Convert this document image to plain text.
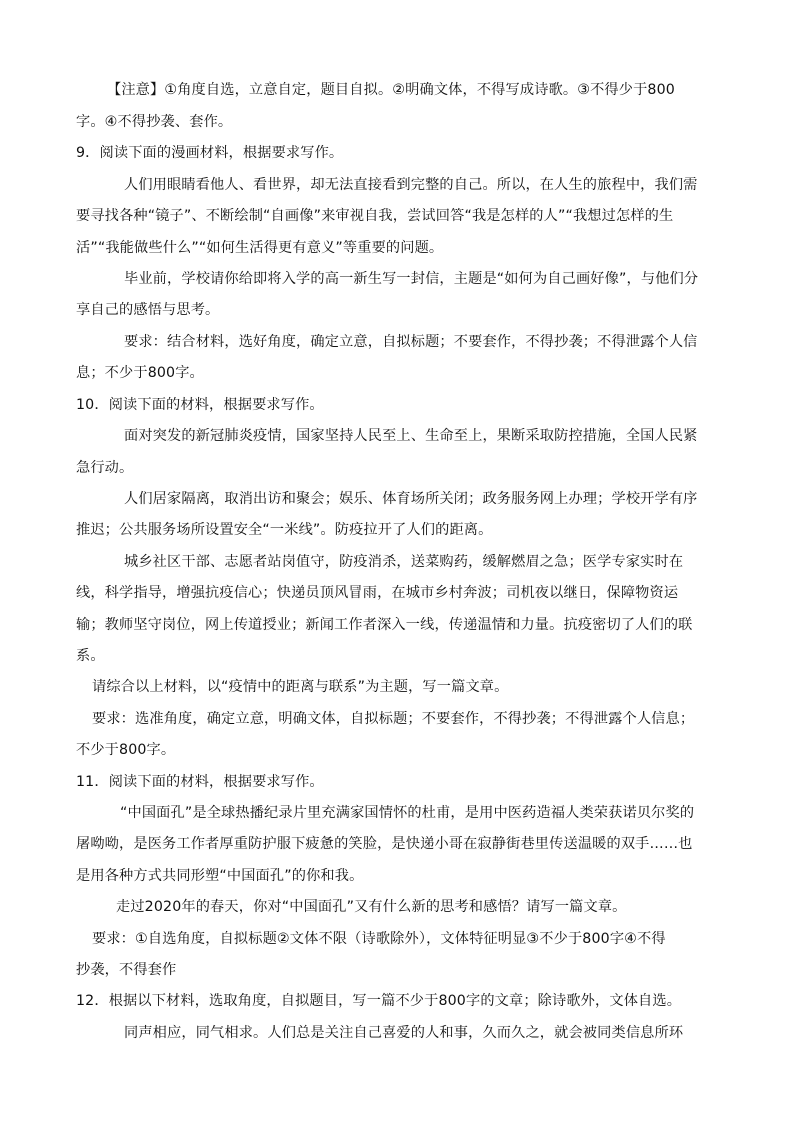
【注意】①角度自选，立意自定，题目自拟。②明确文体，不得写成诗歌。③不得少于800
字。④不得抄袭、套作。
9．阅读下面的漫画材料，根据要求写作。
人们用眼睛看他人、看世界，却无法直接看到完整的自己。所以，在人生的旅程中，我们需
要寻找各种“镜子”、不断绘制“自画像”来审视自我，尝试回答“我是怎样的人”“我想过怎样的生
活”“我能做些什么”“如何生活得更有意义”等重要的问题。
毕业前，学校请你给即将入学的高一新生写一封信，主题是“如何为自己画好像”，与他们分
享自己的感悟与思考。
要求：结合材料，选好角度，确定立意，自拟标题；不要套作，不得抄袭；不得泄露个人信
息；不少于800字。
10．阅读下面的材料，根据要求写作。
面对突发的新冠肺炎疫情，国家坚持人民至上、生命至上，果断采取防控措施，全国人民紧
急行动。
人们居家隔离，取消出访和聚会；娱乐、体育场所关闭；政务服务网上办理；学校开学有序
推迟；公共服务场所设置安全“一米线”。防疫拉开了人们的距离。
城乡社区干部、志愿者站岗值守，防疫消杀，送菜购药，缓解燃眉之急；医学专家实时在
线，科学指导，增强抗疫信心；快递员顶风冒雨，在城市乡村奔波；司机夜以继日，保障物资运
输；教师坚守岗位，网上传道授业；新闻工作者深入一线，传递温情和力量。抗疫密切了人们的联
系。
请综合以上材料，以“疫情中的距离与联系”为主题，写一篇文章。
要求：选准角度，确定立意，明确文体，自拟标题；不要套作，不得抄袭；不得泄露个人信息；
不少于800字。
11．阅读下面的材料，根据要求写作。
“中国面孔”是全球热播纪录片里充满家国情怀的杜甫，是用中医药造福人类荣获诺贝尔奖的
屠呦呦，是医务工作者厚重防护服下疲惫的笑脸，是快递小哥在寂静街巷里传送温暖的双手……也
是用各种方式共同形塑“中国面孔”的你和我。
走过2020年的春天，你对“中国面孔”又有什么新的思考和感悟？请写一篇文章。
要求：①自选角度，自拟标题②文体不限（诗歌除外），文体特征明显③不少于800字④不得
抄袭，不得套作
12．根据以下材料，选取角度，自拟题目，写一篇不少于800字的文章；除诗歌外，文体自选。
同声相应，同气相求。人们总是关注自己喜爱的人和事，久而久之，就会被同类信息所环
